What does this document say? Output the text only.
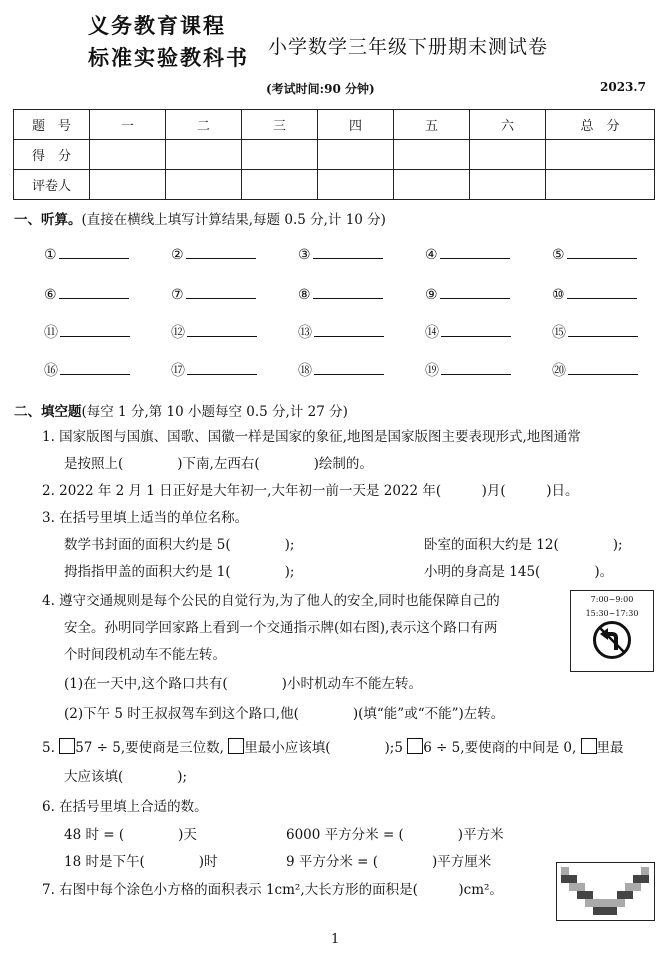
义务教育课程
标准实验教科书 小学数学三年级下册期末测试卷
(考试时间:90 分钟)	2023.7
题　号	一	二	三	四	五	六	总　分
得　分							
评卷人							
一、听算。(直接在横线上填写计算结果,每题 0.5 分,计 10 分)
①	②	③	④	⑤
⑥	⑦	⑧	⑨	⑩
⑪	⑫	⑬	⑭	⑮
⑯	⑰	⑱	⑲	⑳
二、填空题(每空 1 分,第 10 小题每空 0.5 分,计 27 分)
1. 国家版图与国旗、国歌、国徽一样是国家的象征,地图是国家版图主要表现形式,地图通常
是按照上(　　　　)下南,左西右(　　　　)绘制的。
2. 2022 年 2 月 1 日正好是大年初一,大年初一前一天是 2022 年(　　　)月(　　　)日。
3. 在括号里填上适当的单位名称。
数学书封面的面积大约是 5(　　　　);	卧室的面积大约是 12(　　　　);
拇指指甲盖的面积大约是 1(　　　　);	小明的身高是 145(　　　　)。
4. 遵守交通规则是每个公民的自觉行为,为了他人的安全,同时也能保障自己的
安全。孙明同学回家路上看到一个交通指示牌(如右图),表示这个路口有两
个时间段机动车不能左转。
(1)在一天中,这个路口共有(　　　　)小时机动车不能左转。
(2)下午 5 时王叔叔驾车到这个路口,他(　　　　)(填“能”或“不能”)左转。
7:00~9:00
15:30~17:30
5. 57 ÷ 5,要使商是三位数, 里最小应该填(　　　　);5 6 ÷ 5,要使商的中间是 0, 里最
大应该填(　　　　);
6. 在括号里填上合适的数。
48 时 = (　　　　)天	6000 平方分米 = (　　　　)平方米
18 时是下午(　　　　)时	9 平方分米 = (　　　　)平方厘米
7. 右图中每个涂色小方格的面积表示 1cm²,大长方形的面积是(　　　)cm²。
1
